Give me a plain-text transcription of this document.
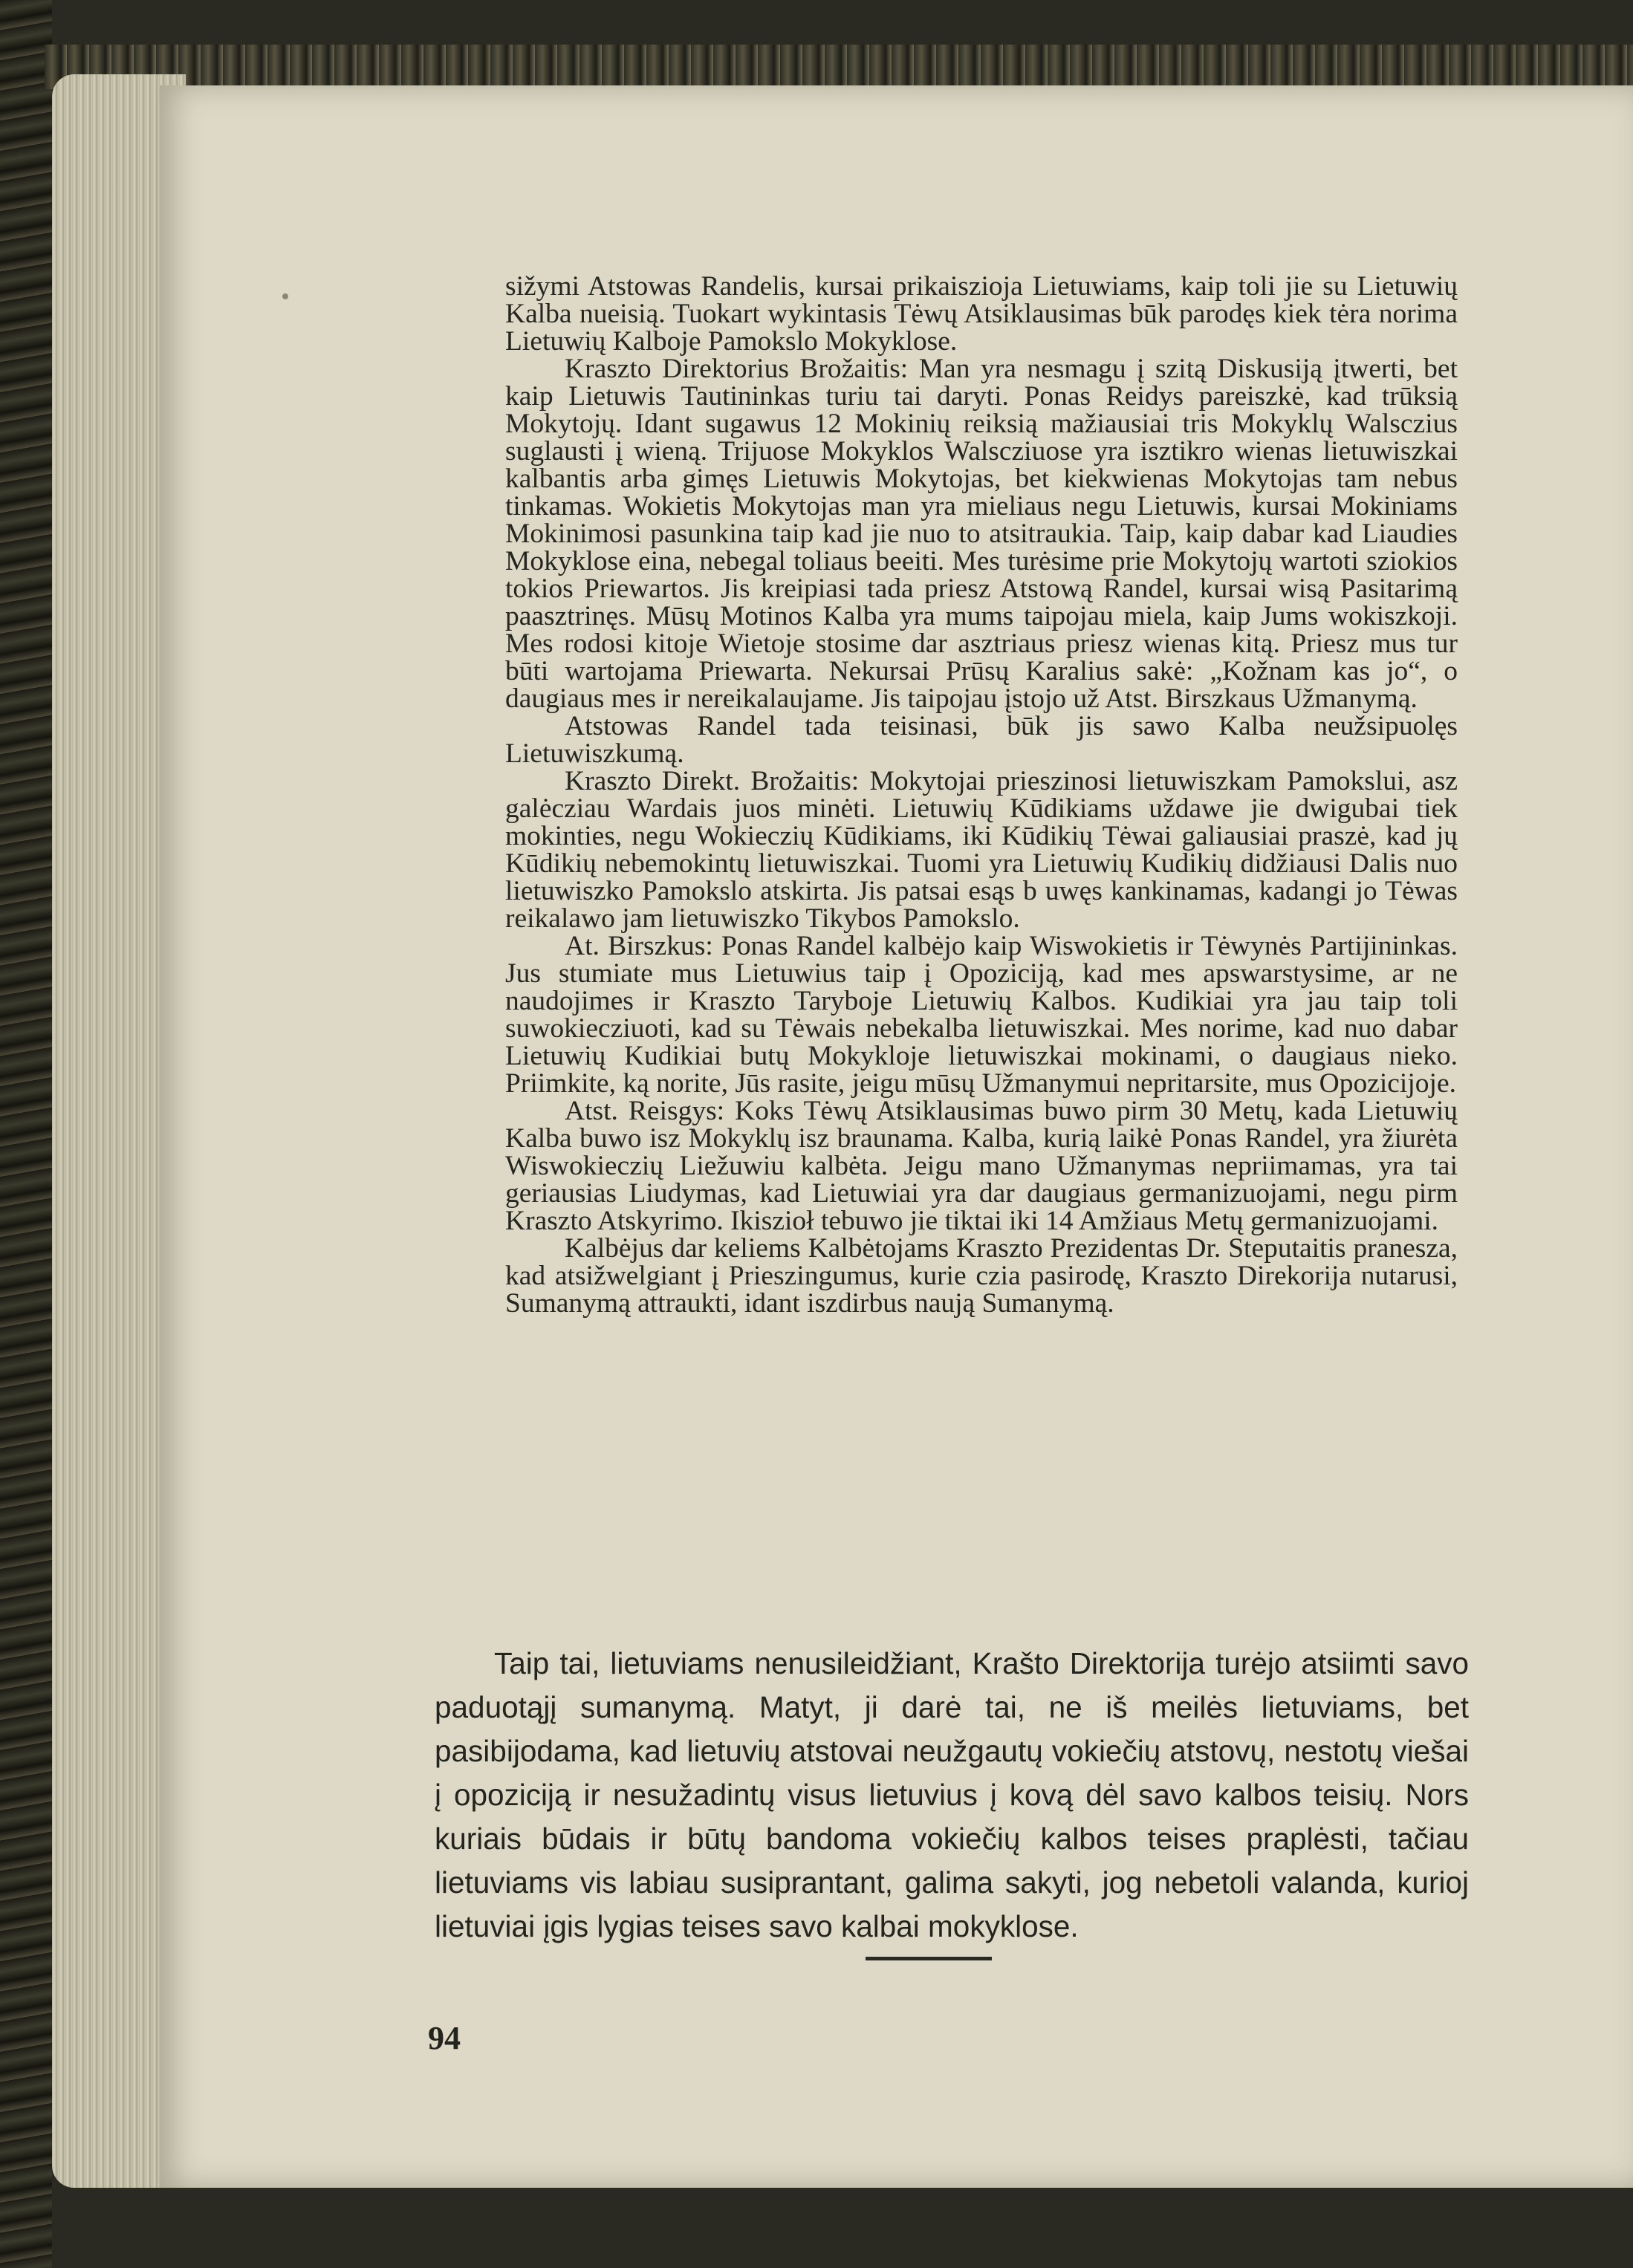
sižymi Atstowas Randelis, kursai prikaiszioja Lietuwiams, kaip toli jie su Lietuwių Kalba nueisią. Tuokart wykintasis Tėwų Atsiklausimas būk parodęs kiek tėra norima Lietuwių Kalboje Pamokslo Mokyklose.

Kraszto Direktorius Brožaitis: Man yra nesmagu į szitą Diskusiją įtwerti, bet kaip Lietuwis Tautininkas turiu tai daryti. Ponas Reidys pareiszkė, kad trūksią Mokytojų. Idant sugawus 12 Mokinių reiksią mažiausiai tris Mokyklų Walsczius suglausti į wieną. Trijuose Mokyklos Walscziuose yra isztikro wienas lietuwiszkai kalbantis arba gimęs Lietuwis Mokytojas, bet kiekwienas Mokytojas tam nebus tinkamas. Wokietis Mokytojas man yra mieliaus negu Lietuwis, kursai Mokiniams Mokinimosi pasunkina taip kad jie nuo to atsitraukia. Taip, kaip dabar kad Liaudies Mokyklose eina, nebegal toliaus beeiti. Mes turėsime prie Mokytojų wartoti sziokios tokios Priewartos. Jis kreipiasi tada priesz Atstową Randel, kursai wisą Pasitarimą paasztrinęs. Mūsų Motinos Kalba yra mums taipojau miela, kaip Jums wokiszkoji. Mes rodosi kitoje Wietoje stosime dar asztriaus priesz wienas kitą. Priesz mus tur būti wartojama Priewarta. Nekursai Prūsų Karalius sakė: „Kožnam kas jo“, o daugiaus mes ir nereikalaujame. Jis taipojau įstojo už Atst. Birszkaus Užmanymą.

Atstowas Randel tada teisinasi, būk jis sawo Kalba neužsipuolęs Lietuwiszkumą.

Kraszto Direkt. Brožaitis: Mokytojai prieszinosi lietuwiszkam Pamokslui, asz galėcziau Wardais juos minėti. Lietuwių Kūdikiams uždawe jie dwigubai tiek mokinties, negu Wokieczių Kūdikiams, iki Kūdikių Tėwai galiausiai praszė, kad jų Kūdikių nebemokintų lietuwiszkai. Tuomi yra Lietuwių Kudikių didžiausi Dalis nuo lietuwiszko Pamokslo atskirta. Jis patsai esąs b uwęs kankinamas, kadangi jo Tėwas reikalawo jam lietuwiszko Tikybos Pamokslo.

At. Birszkus: Ponas Randel kalbėjo kaip Wiswokietis ir Tėwynės Partijininkas. Jus stumiate mus Lietuwius taip į Opoziciją, kad mes apswarstysime, ar ne naudojimes ir Kraszto Taryboje Lietuwių Kalbos. Kudikiai yra jau taip toli suwokiecziuoti, kad su Tėwais nebekalba lietuwiszkai. Mes norime, kad nuo dabar Lietuwių Kudikiai butų Mokykloje lietuwiszkai mokinami, o daugiaus nieko. Priimkite, ką norite, Jūs rasite, jeigu mūsų Užmanymui nepritarsite, mus Opozicijoje.

Atst. Reisgys: Koks Tėwų Atsiklausimas buwo pirm 30 Metų, kada Lietuwių Kalba buwo isz Mokyklų isz braunama. Kalba, kurią laikė Ponas Randel, yra žiurėta Wiswokieczių Liežuwiu kalbėta. Jeigu mano Užmanymas nepriimamas, yra tai geriausias Liudymas, kad Lietuwiai yra dar daugiaus germanizuojami, negu pirm Kraszto Atskyrimo. Ikiszioł tebuwo jie tiktai iki 14 Amžiaus Metų germanizuojami.

Kalbėjus dar keliems Kalbėtojams Kraszto Prezidentas Dr. Steputaitis pranesza, kad atsižwelgiant į Prieszingumus, kurie czia pasirodę, Kraszto Direkorija nutarusi, Sumanymą attraukti, idant iszdirbus naują Sumanymą.

Taip tai, lietuviams nenusileidžiant, Krašto Direktorija turėjo atsiimti savo paduotąjį sumanymą. Matyt, ji darė tai, ne iš meilės lietuviams, bet pasibijodama, kad lietuvių atstovai neužgautų vokiečių atstovų, nestotų viešai į opoziciją ir nesužadintų visus lietuvius į kovą dėl savo kalbos teisių. Nors kuriais būdais ir būtų bandoma vokiečių kalbos teises praplėsti, tačiau lietuviams vis labiau susiprantant, galima sakyti, jog nebetoli valanda, kurioj lietuviai įgis lygias teises savo kalbai mokyklose.

94
